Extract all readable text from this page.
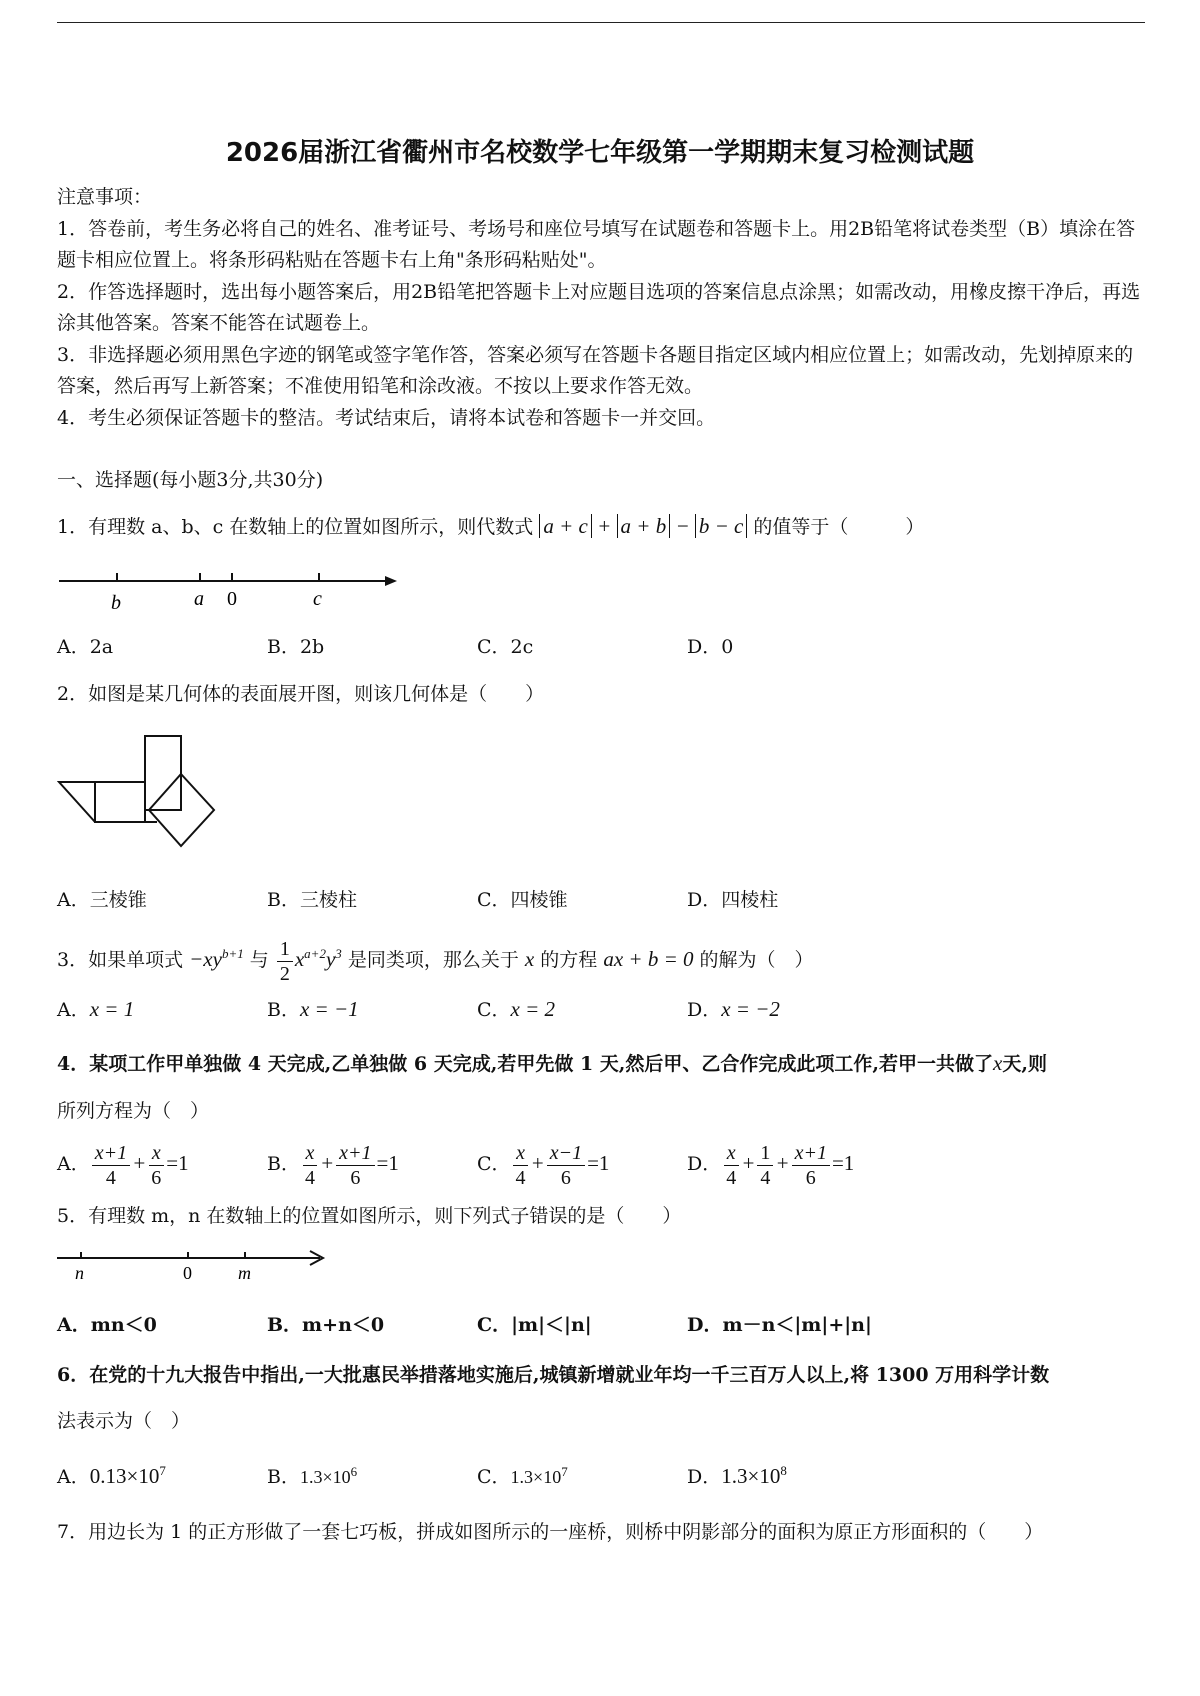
2026届浙江省衢州市名校数学七年级第一学期期末复习检测试题
注意事项：
1．答卷前，考生务必将自己的姓名、准考证号、考场号和座位号填写在试题卷和答题卡上。用2B铅笔将试卷类型（B）填涂在答题卡相应位置上。将条形码粘贴在答题卡右上角"条形码粘贴处"。
2．作答选择题时，选出每小题答案后，用2B铅笔把答题卡上对应题目选项的答案信息点涂黑；如需改动，用橡皮擦干净后，再选涂其他答案。答案不能答在试题卷上。
3．非选择题必须用黑色字迹的钢笔或签字笔作答，答案必须写在答题卡各题目指定区域内相应位置上；如需改动，先划掉原来的答案，然后再写上新答案；不准使用铅笔和涂改液。不按以上要求作答无效。
4．考生必须保证答题卡的整洁。考试结束后，请将本试卷和答题卡一并交回。
一、选择题(每小题3分,共30分)
1．有理数 a、b、c 在数轴上的位置如图所示，则代数式 a + c + a + b − b − c 的值等于（　　　）
b	a 0	c
A．2a	B．2b	C．2c	D．0
2．如图是某几何体的表面展开图，则该几何体是（　　）
A．三棱锥	B．三棱柱	C．四棱锥	D．四棱柱
3．如果单项式 $-xy^{b+1}$ 与 $\frac{1}{2} x^{a+2}y^3$ 是同类项，那么关于 x 的方程 ax + b = 0 的解为（　）
A．x = 1	B．x = −1	C．x = 2	D．x = −2
4．某项工作甲单独做 4 天完成,乙单独做 6 天完成,若甲先做 1 天,然后甲、乙合作完成此项工作,若甲一共做了x天,则
所列方程为（　）
A． $\frac{x+1}{4} + \frac{x}{6} =1$	B． $\frac{x}{4} + \frac{x+1}{6} =1$	C． $\frac{x}{4} + \frac{x-1}{6} =1$	D． $\frac{x}{4} + \frac{1}{4} + \frac{x+1}{6} =1$
5．有理数 m，n 在数轴上的位置如图所示，则下列式子错误的是（　　）
n	0	m
A．mn＜0	B．m+n＜0	C．|m|＜|n|	D．m－n＜|m|+|n|
6．在党的十九大报告中指出,一大批惠民举措落地实施后,城镇新增就业年均一千三百万人以上,将 1300 万用科学计数
法表示为（　）
A．$0.13\times 10^7$	B．$1.3\times 10^6$	C．$1.3\times 10^7$	D．$1.3\times 10^8$
7．用边长为 1 的正方形做了一套七巧板，拼成如图所示的一座桥，则桥中阴影部分的面积为原正方形面积的（　　）
